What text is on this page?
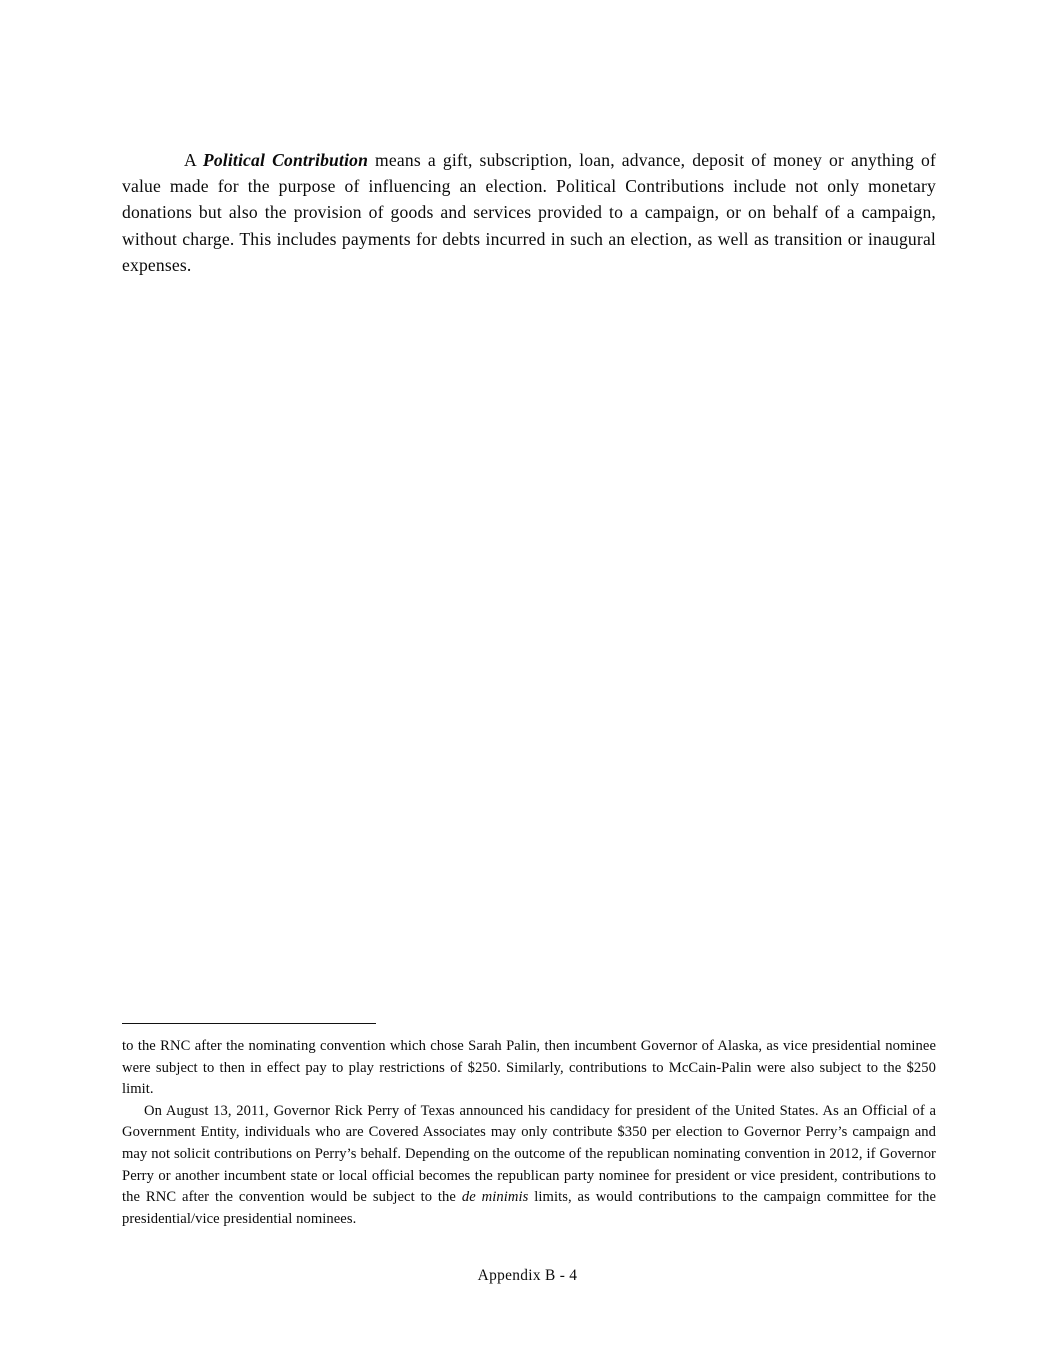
A Political Contribution means a gift, subscription, loan, advance, deposit of money or anything of value made for the purpose of influencing an election. Political Contributions include not only monetary donations but also the provision of goods and services provided to a campaign, or on behalf of a campaign, without charge. This includes payments for debts incurred in such an election, as well as transition or inaugural expenses.

to the RNC after the nominating convention which chose Sarah Palin, then incumbent Governor of Alaska, as vice presidential nominee were subject to then in effect pay to play restrictions of $250. Similarly, contributions to McCain-Palin were also subject to the $250 limit.

On August 13, 2011, Governor Rick Perry of Texas announced his candidacy for president of the United States. As an Official of a Government Entity, individuals who are Covered Associates may only contribute $350 per election to Governor Perry’s campaign and may not solicit contributions on Perry’s behalf. Depending on the outcome of the republican nominating convention in 2012, if Governor Perry or another incumbent state or local official becomes the republican party nominee for president or vice president, contributions to the RNC after the convention would be subject to the de minimis limits, as would contributions to the campaign committee for the presidential/vice presidential nominees.

Appendix B - 4
